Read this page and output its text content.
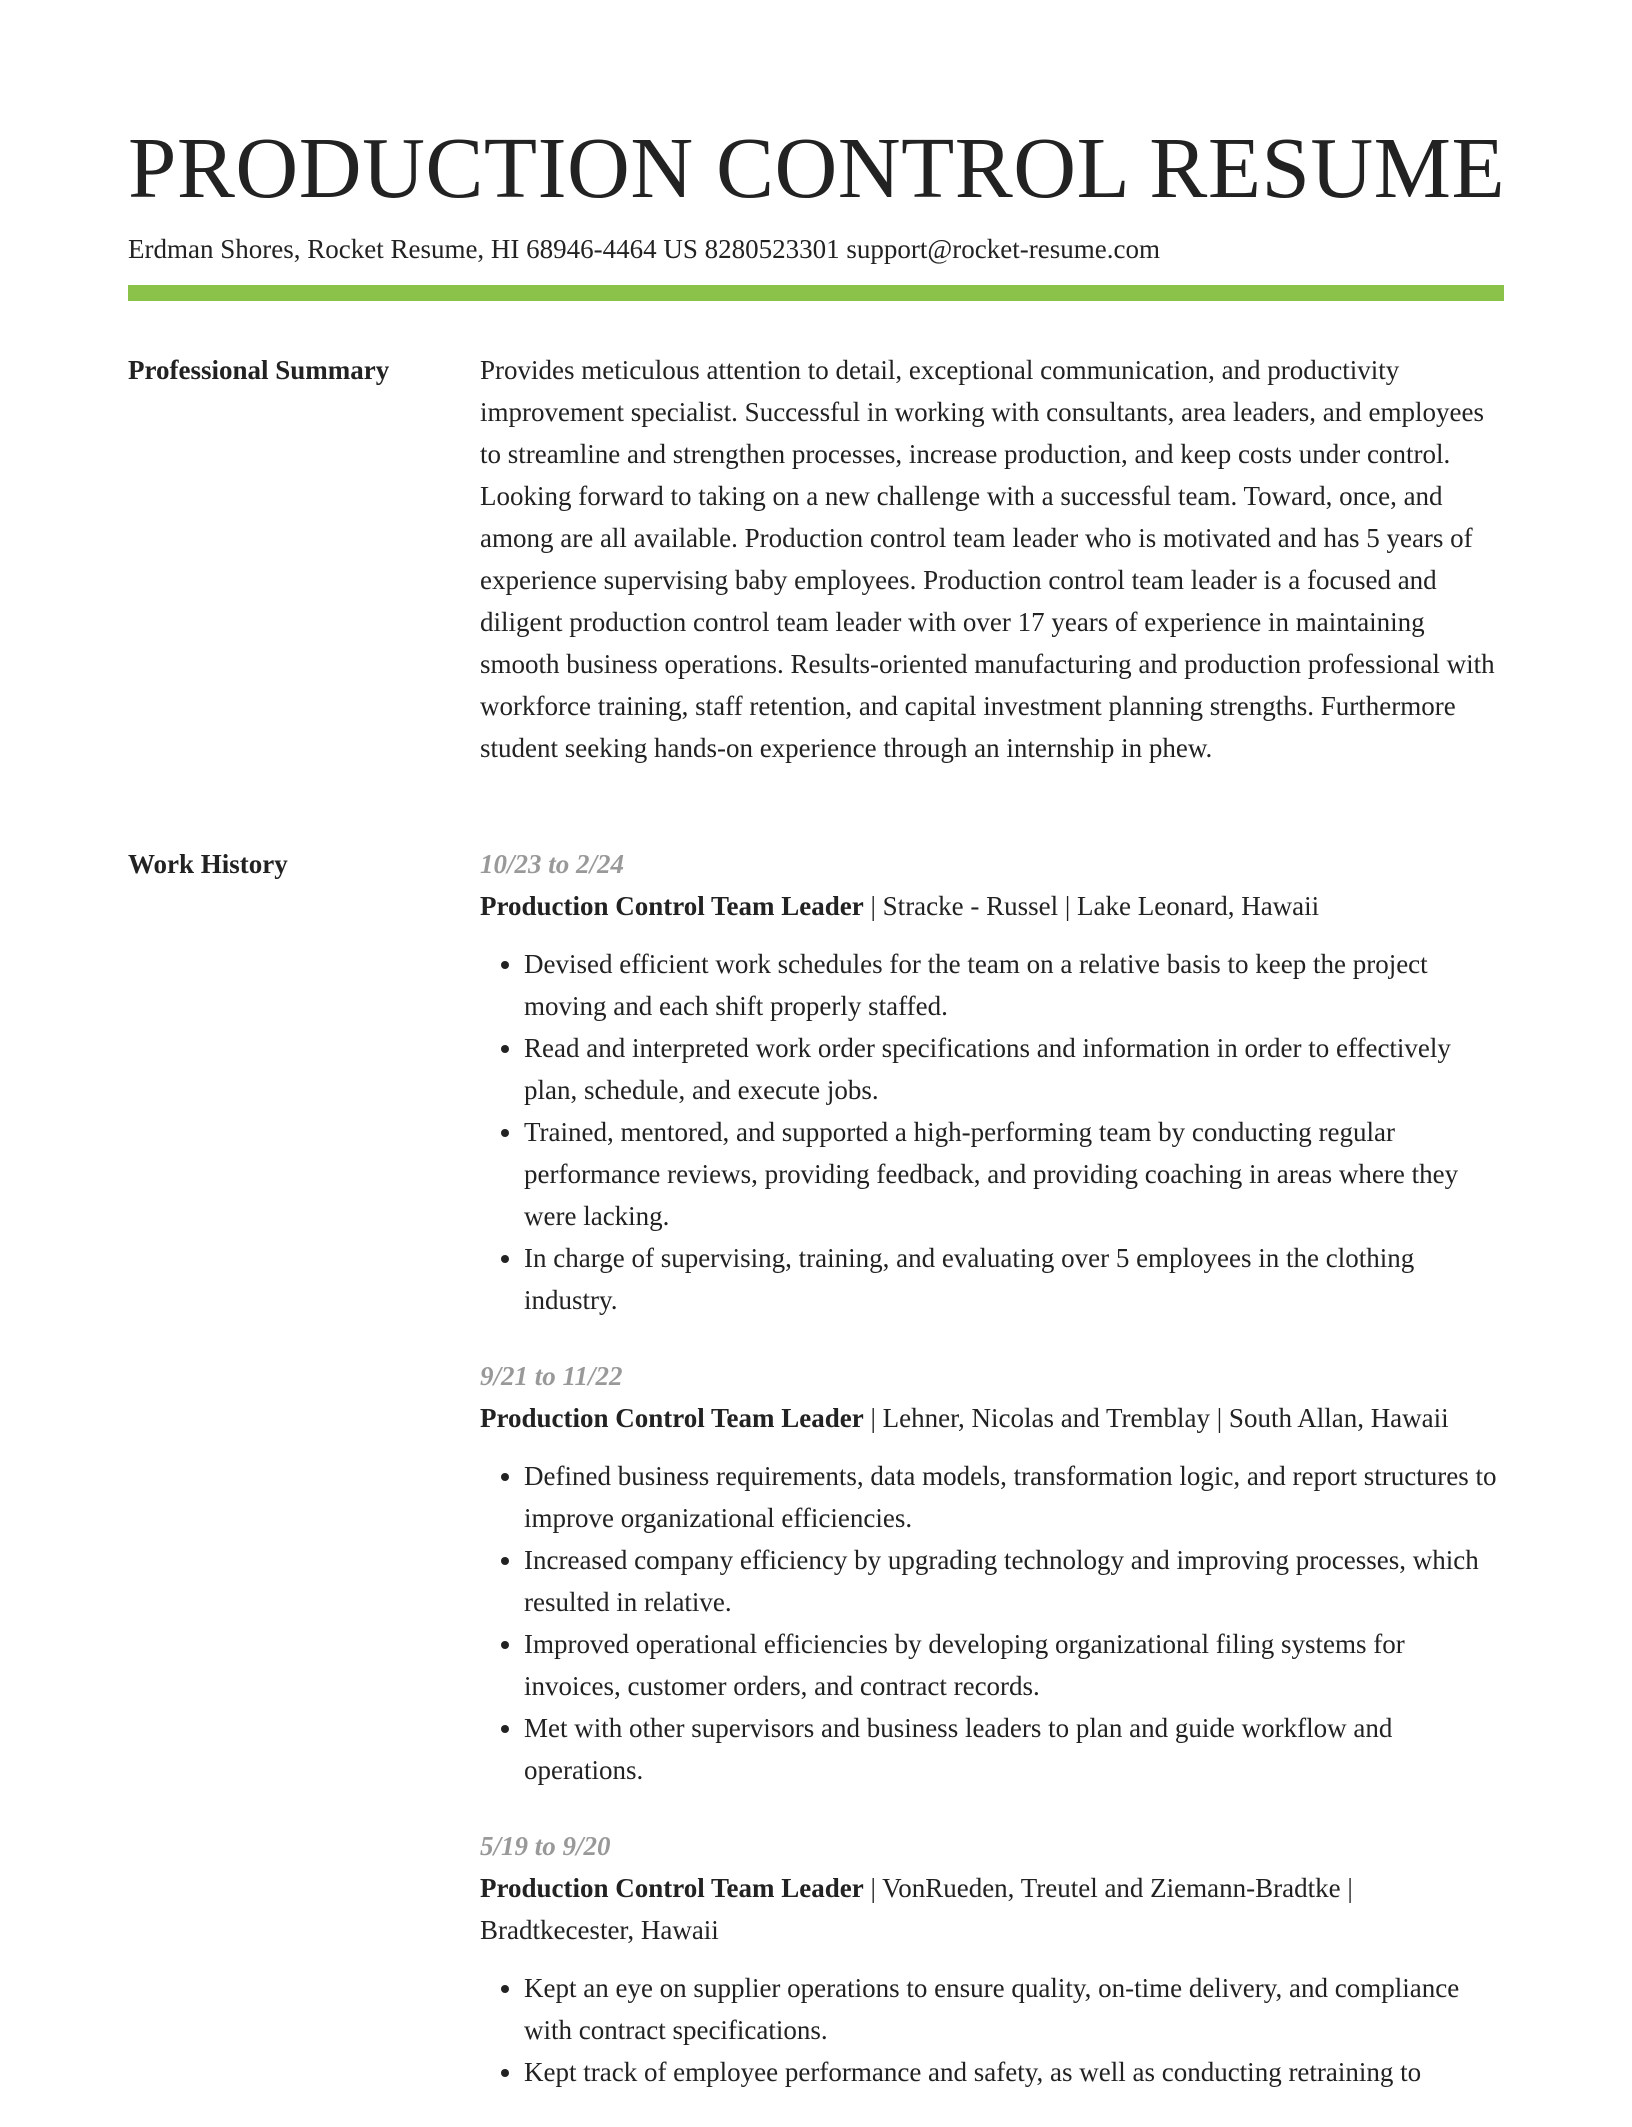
PRODUCTION CONTROL RESUME
Erdman Shores, Rocket Resume, HI 68946-4464 US 8280523301 support@rocket-resume.com
Professional Summary	Provides meticulous attention to detail, exceptional communication, and productivity improvement specialist. Successful in working with consultants, area leaders, and employees to streamline and strengthen processes, increase production, and keep costs under control. Looking forward to taking on a new challenge with a successful team. Toward, once, and among are all available. Production control team leader who is motivated and has 5 years of experience supervising baby employees. Production control team leader is a focused and diligent production control team leader with over 17 years of experience in maintaining smooth business operations. Results-oriented manufacturing and production professional with workforce training, staff retention, and capital investment planning strengths. Furthermore student seeking hands-on experience through an internship in phew.

Work History	10/23 to 2/24
Production Control Team Leader | Stracke - Russel | Lake Leonard, Hawaii
• Devised efficient work schedules for the team on a relative basis to keep the project moving and each shift properly staffed.
• Read and interpreted work order specifications and information in order to effectively plan, schedule, and execute jobs.
• Trained, mentored, and supported a high-performing team by conducting regular performance reviews, providing feedback, and providing coaching in areas where they were lacking.
• In charge of supervising, training, and evaluating over 5 employees in the clothing industry.
9/21 to 11/22
Production Control Team Leader | Lehner, Nicolas and Tremblay | South Allan, Hawaii
• Defined business requirements, data models, transformation logic, and report structures to improve organizational efficiencies.
• Increased company efficiency by upgrading technology and improving processes, which resulted in relative.
• Improved operational efficiencies by developing organizational filing systems for invoices, customer orders, and contract records.
• Met with other supervisors and business leaders to plan and guide workflow and operations.
5/19 to 9/20
Production Control Team Leader | VonRueden, Treutel and Ziemann-Bradtke | Bradtkecester, Hawaii
• Kept an eye on supplier operations to ensure quality, on-time delivery, and compliance with contract specifications.
• Kept track of employee performance and safety, as well as conducting retraining to
